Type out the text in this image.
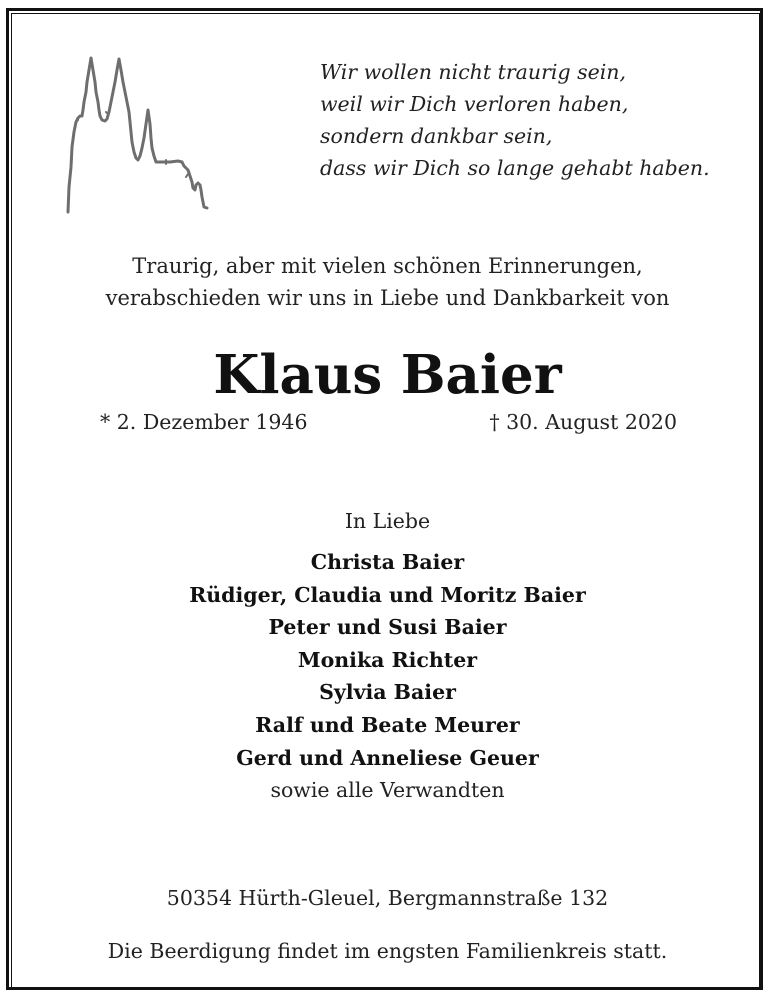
Wir wollen nicht traurig sein,
weil wir Dich verloren haben,
sondern dankbar sein,
dass wir Dich so lange gehabt haben.
Traurig, aber mit vielen schönen Erinnerungen,
verabschieden wir uns in Liebe und Dankbarkeit von
Klaus Baier
* 2. Dezember 1946	† 30. August 2020
In Liebe
Christa Baier
Rüdiger, Claudia und Moritz Baier
Peter und Susi Baier
Monika Richter
Sylvia Baier
Ralf und Beate Meurer
Gerd und Anneliese Geuer
sowie alle Verwandten
50354 Hürth-Gleuel, Bergmannstraße 132
Die Beerdigung findet im engsten Familienkreis statt.
